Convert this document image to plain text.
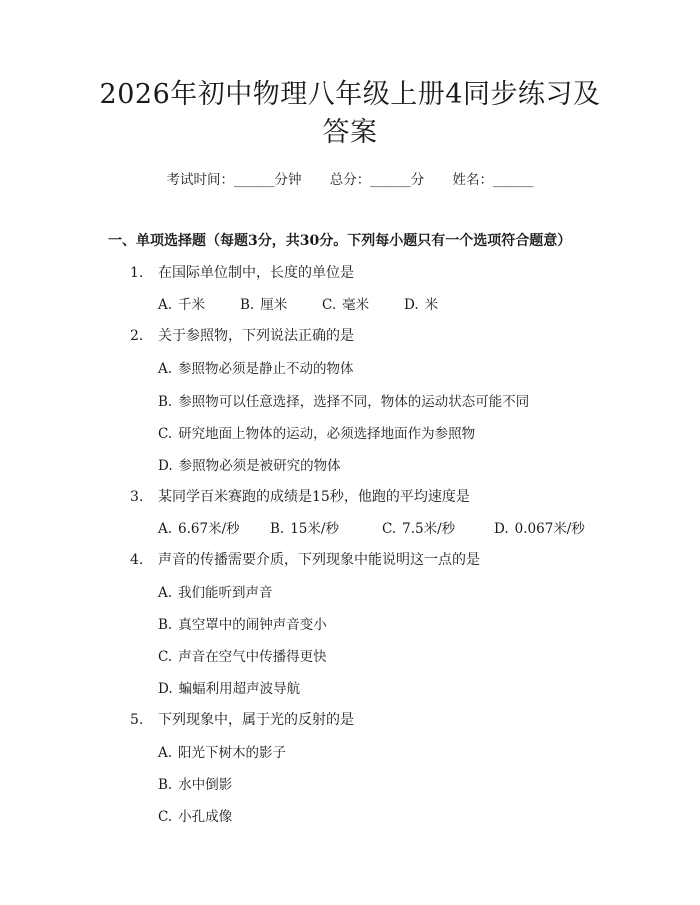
2026年初中物理八年级上册4同步练习及答案
考试时间：______分钟 总分：______分 姓名：______
一、单项选择题（每题3分，共30分。下列每小题只有一个选项符合题意）
1. 在国际单位制中，长度的单位是
A. 千米	B. 厘米	C. 毫米	D. 米
2. 关于参照物，下列说法正确的是
A. 参照物必须是静止不动的物体
B. 参照物可以任意选择，选择不同，物体的运动状态可能不同
C. 研究地面上物体的运动，必须选择地面作为参照物
D. 参照物必须是被研究的物体
3. 某同学百米赛跑的成绩是15秒，他跑的平均速度是
A. 6.67米/秒	B. 15米/秒	C. 7.5米/秒	D. 0.067米/秒
4. 声音的传播需要介质，下列现象中能说明这一点的是
A. 我们能听到声音
B. 真空罩中的闹钟声音变小
C. 声音在空气中传播得更快
D. 蝙蝠利用超声波导航
5. 下列现象中，属于光的反射的是
A. 阳光下树木的影子
B. 水中倒影
C. 小孔成像
